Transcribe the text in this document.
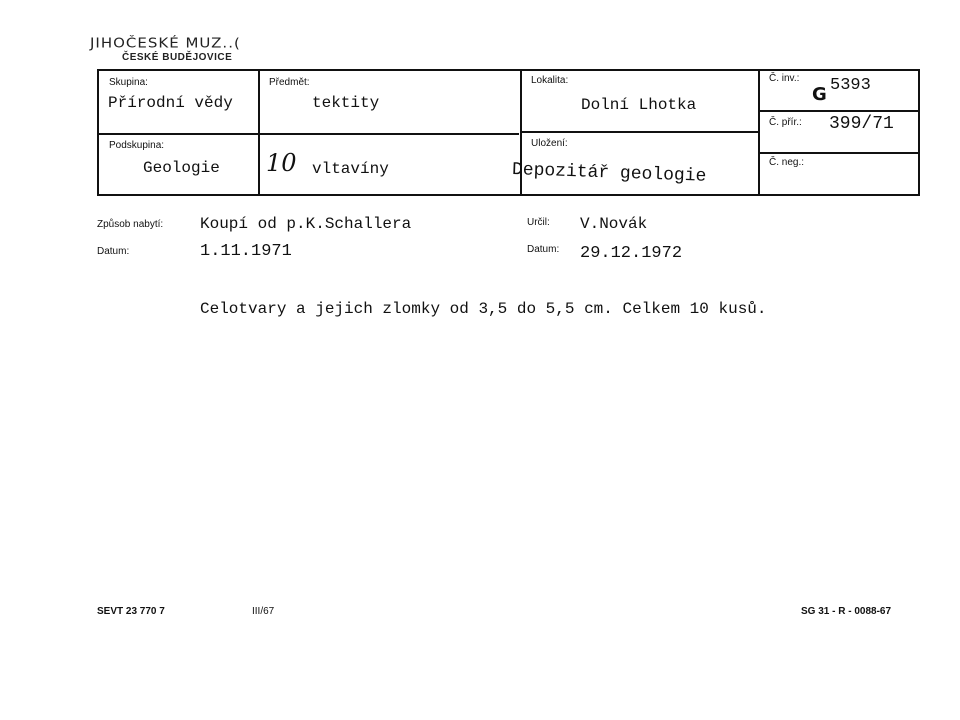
JIHOČESKÉ MUZ..(
ČESKÉ BUDĚJOVICE
Skupina:
Přírodní vědy
Předmět:
tektity
Lokalita:
Dolní Lhotka
Č. inv.:
G 5393
Č. přír.: 399/71
Podskupina:
Geologie 10 vltavíny
Uložení:
Depozitář geologie	Č. neg.:
Způsob nabytí: Koupí od p.K.Schallera
Datum:	1.11.1971
Určil: V.Novák
Datum: 29.12.1972
Celotvary a jejich zlomky od 3,5 do 5,5 cm. Celkem 10 kusů.
SEVT 23 770 7	III/67	SG 31 - R - 0088-67
